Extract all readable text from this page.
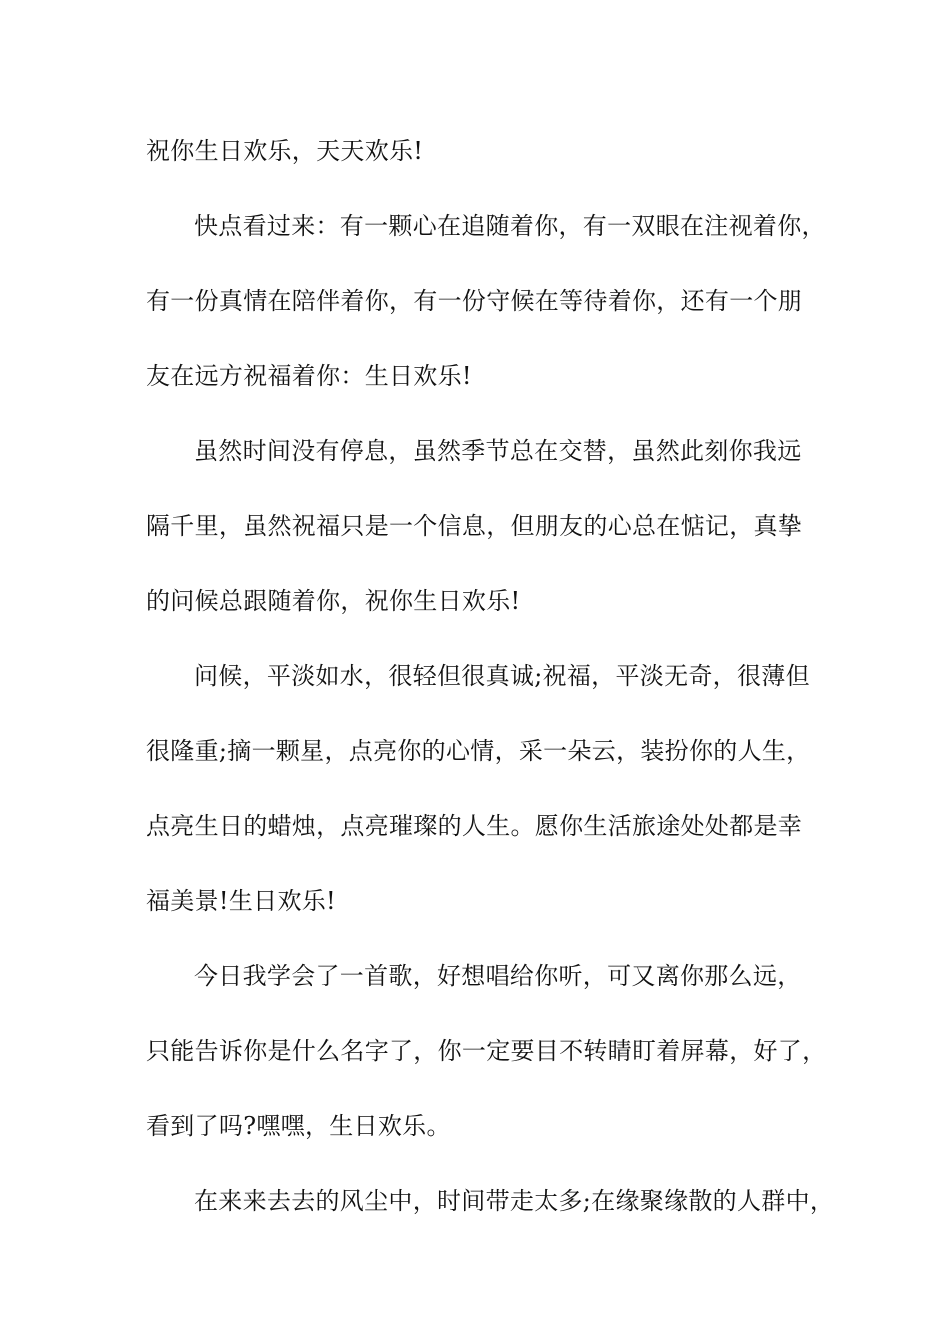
祝你生日欢乐，天天欢乐!

快点看过来：有一颗心在追随着你，有一双眼在注视着你，

有一份真情在陪伴着你，有一份守候在等待着你，还有一个朋

友在远方祝福着你：生日欢乐!

虽然时间没有停息，虽然季节总在交替，虽然此刻你我远

隔千里，虽然祝福只是一个信息，但朋友的心总在惦记，真挚

的问候总跟随着你，祝你生日欢乐!

问候，平淡如水，很轻但很真诚;祝福，平淡无奇，很薄但

很隆重;摘一颗星，点亮你的心情，采一朵云，装扮你的人生，

点亮生日的蜡烛，点亮璀璨的人生。愿你生活旅途处处都是幸

福美景!生日欢乐!

今日我学会了一首歌，好想唱给你听，可又离你那么远，

只能告诉你是什么名字了，你一定要目不转睛盯着屏幕，好了，

看到了吗?嘿嘿，生日欢乐。

在来来去去的风尘中，时间带走太多;在缘聚缘散的人群中，
